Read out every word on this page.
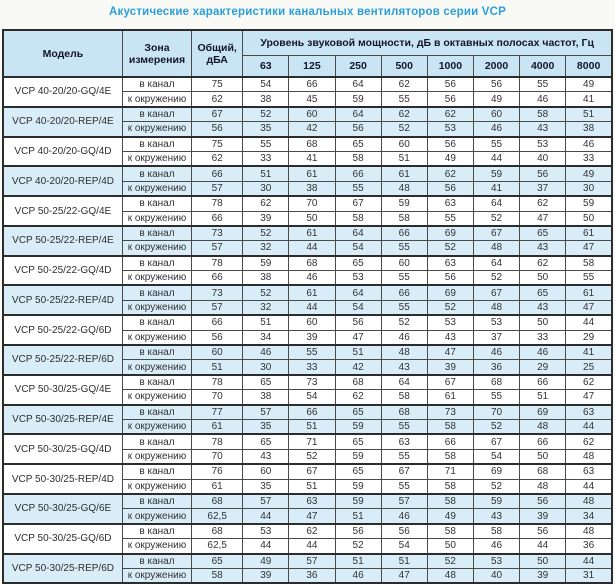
Акустические характеристики канальных вентиляторов серии VCP
Модель	Зона
измерения	Общий,
дБА	Уровень звуковой мощности, дБ в октавных полосах частот, Гц							
			63	125	250	500	1000	2000	4000	8000
VCP 40-20/20-GQ/4E	в канал	75	54	66	64	62	56	56	55	49
	к окружению	62	38	45	59	55	56	49	46	41
VCP 40-20/20-REP/4E	в канал	67	52	60	64	62	62	60	58	51
	к окружению	56	35	42	56	52	53	46	43	38
VCP 40-20/20-GQ/4D	в канал	75	55	68	65	60	56	55	53	46
	к окружению	62	33	41	58	51	49	44	40	33
VCP 40-20/20-REP/4D	в канал	66	51	61	66	61	62	59	56	49
	к окружению	57	30	38	55	48	56	41	37	30
VCP 50-25/22-GQ/4E	в канал	78	62	70	67	59	63	64	62	59
	к окружению	66	39	50	58	58	55	52	47	50
VCP 50-25/22-REP/4E	в канал	73	52	61	64	66	69	67	65	61
	к окружению	57	32	44	54	55	52	48	43	47
VCP 50-25/22-GQ/4D	в канал	78	59	68	65	60	63	64	62	58
	к окружению	66	38	46	53	55	56	52	50	55
VCP 50-25/22-REP/4D	в канал	73	52	61	64	66	69	67	65	61
	к окружению	57	32	44	54	55	52	48	43	47
VCP 50-25/22-GQ/6D	в канал	66	51	60	56	52	53	53	50	44
	к окружению	56	34	39	47	46	43	37	33	29
VCP 50-25/22-REP/6D	в канал	60	46	55	51	48	47	46	46	41
	к окружению	51	30	33	42	43	39	36	29	25
VCP 50-30/25-GQ/4E	в канал	78	65	73	68	64	67	68	66	62
	к окружению	70	38	54	62	58	61	55	51	47
VCP 50-30/25-REP/4E	в канал	77	57	66	65	68	73	70	69	63
	к окружению	61	35	51	59	55	58	52	48	44
VCP 50-30/25-GQ/4D	в канал	78	65	71	65	63	66	67	66	62
	к окружению	70	43	52	59	55	58	54	50	48
VCP 50-30/25-REP/4D	в канал	76	60	67	65	67	71	69	68	63
	к окружению	61	35	51	59	55	58	52	48	44
VCP 50-30/25-GQ/6E	в канал	68	57	63	59	57	58	59	56	48
	к окружению	62,5	44	47	51	46	49	43	39	34
VCP 50-30/25-GQ/6D	в канал	68	53	62	56	56	58	58	56	48
	к окружению	62,5	44	44	52	54	50	46	44	36
VCP 50-30/25-REP/6D	в канал	65	49	57	51	51	52	53	50	44
	к окружению	58	39	36	46	47	48	40	39	31
